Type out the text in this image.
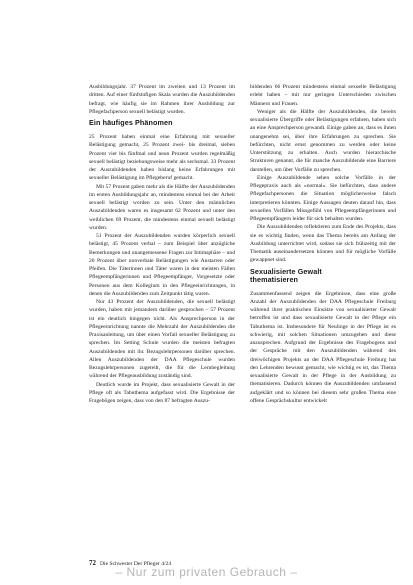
Ausbildungsjahr. 37 Prozent im zweiten und 13 Prozent im dritten. Auf einer fünfstufigen Skala wurden die Auszubildenden befragt, wie häufig sie im Rahmen ihrer Ausbildung zur Pflegefachperson sexuell belästigt wurden.

Ein häufiges Phänomen

25 Prozent haben einmal eine Erfahrung mit sexueller Belästigung gemacht, 25 Prozent zwei- bis dreimal, sieben Prozent vier bis fünfmal und neun Prozent wurden regelmäßig sexuell belästigt beziehungsweise mehr als sechsmal. 33 Prozent der Auszubildenden haben bislang keine Erfahrungen mit sexueller Belästigung im Pflegeberuf gemacht.

Mit 57 Prozent gaben mehr als die Hälfte der Auszubildenden im ersten Ausbildungsjahr an, mindestens einmal bei der Arbeit sexuell belästigt worden zu sein. Unter den männlichen Auszubildenden waren es insgesamt 62 Prozent und unter den weiblichen 69 Prozent, die mindestens einmal sexuell belästigt wurden.

51 Prozent der Auszubildenden wurden körperlich sexuell belästigt, 45 Prozent verbal – zum Beispiel über anzügliche Bemerkungen und unangemessene Fragen zur Intimsphäre – und 20 Prozent über nonverbale Belästigungen wie Anstarren oder Pfeifen. Die Täterinnen und Täter waren in den meisten Fällen Pflegeempfängerinnen und Pflegeempfänger, Vorgesetzte oder Personen aus dem Kollegium in den Pflegeeinrichtungen, in denen die Auszubildenden zum Zeitpunkt tätig waren.

Nur 43 Prozent der Auszubildenden, die sexuell belästigt wurden, haben mit jemandem darüber gesprochen – 57 Prozent ist ein deutlich hingegen nicht. Als Ansprechperson in der Pflegeeinrichtung nannte die Mehrzahl der Auszubildenden die Praxisanleitung, um über einen Vorfall sexueller Belästigung zu sprechen. Im Setting Schule wurden die meisten befragten Auszubildenden mit ihr. Bezugslehrpersonen darüber sprechen. Allen Auszubildenden der DAA Pflegeschule wurden Bezugslehrpersonen zugeteilt, die für die Lernbegleitung während der Pflegeausbildung zuständig sind.

Deutlich wurde im Projekt, dass sexualisierte Gewalt in der Pflege oft als Tabuthema aufgefasst wird. Die Ergebnisse der Fragebögen zeigen, dass von den 87 befragten Auszu-

bildenden 66 Prozent mindestens einmal sexuelle Belästigung erlebt haben – mit nur geringen Unterschieden zwischen Männern und Frauen.

Weniger als die Hälfte der Auszubildenden, die bereits sexualisierte Übergriffe oder Belästigungen erfahren, haben sich an eine Ansprechperson gewandt. Einige gaben an, dass es ihnen unangenehm sei, über ihre Erfahrungen zu sprechen. Sie befürchten, nicht ernst genommen zu werden oder keine Unterstützung zu erhalten. Auch wurden hierarchische Strukturen genannt, die für manche Auszubildende eine Barriere darstellen, um über Vorfälle zu sprechen.

Einige Auszubildende sehen solche Vorfälle in der Pflegepraxis auch als »normal«. Sie befürchten, dass andere Pflegefachpersonen die Situation möglicherweise falsch interpretieren könnten. Einige Aussagen deuten darauf hin, dass sexuellen Vorfällen Missgefühl von Pflegeempfängerinnen und Pflegeempfängern leider für sich behalten wurden.

Die Auszubildenden reflektieren zum Ende des Projekts, dass sie es wichtig finden, wenn das Thema bereits am Anfang der Ausbildung unterrichtet wird, sodass sie sich frühzeitig mit der Thematik auseinandersetzen können und für mögliche Vorfälle gewappnet sind.

Sexualisierte Gewalt
thematisieren

Zusammenfassend zeigen die Ergebnisse, dass eine große Anzahl der Auszubildenden der DAA Pflegeschule Freiburg während ihrer praktischen Einsätze von sexualisierter Gewalt betroffen ist und dass sexualisierte Gewalt in der Pflege ein Tabuthema ist. Insbesondere für Neulinge in der Pflege ist es schwierig, mit solchen Situationen umzugehen und diese anzusprechen. Aufgrund der Ergebnisse des Fragebogens und der Gespräche mit den Auszubildenden während des dreiwöchigen Projekts an der DAA Pflegeschule Freiburg hat den Lehrenden bewusst gemacht, wie wichtig es ist, das Thema sexualisierte Gewalt in der Pflege in der Ausbildung zu thematisieren. Dadurch können die Auszubildenden umfassend aufgeklärt und so können bei diesem sehr großen Thema eine offene Gesprächskultur entwickelt

72 Die Schwester Der Pfleger 4/24
– Nur zum privaten Gebrauch –
